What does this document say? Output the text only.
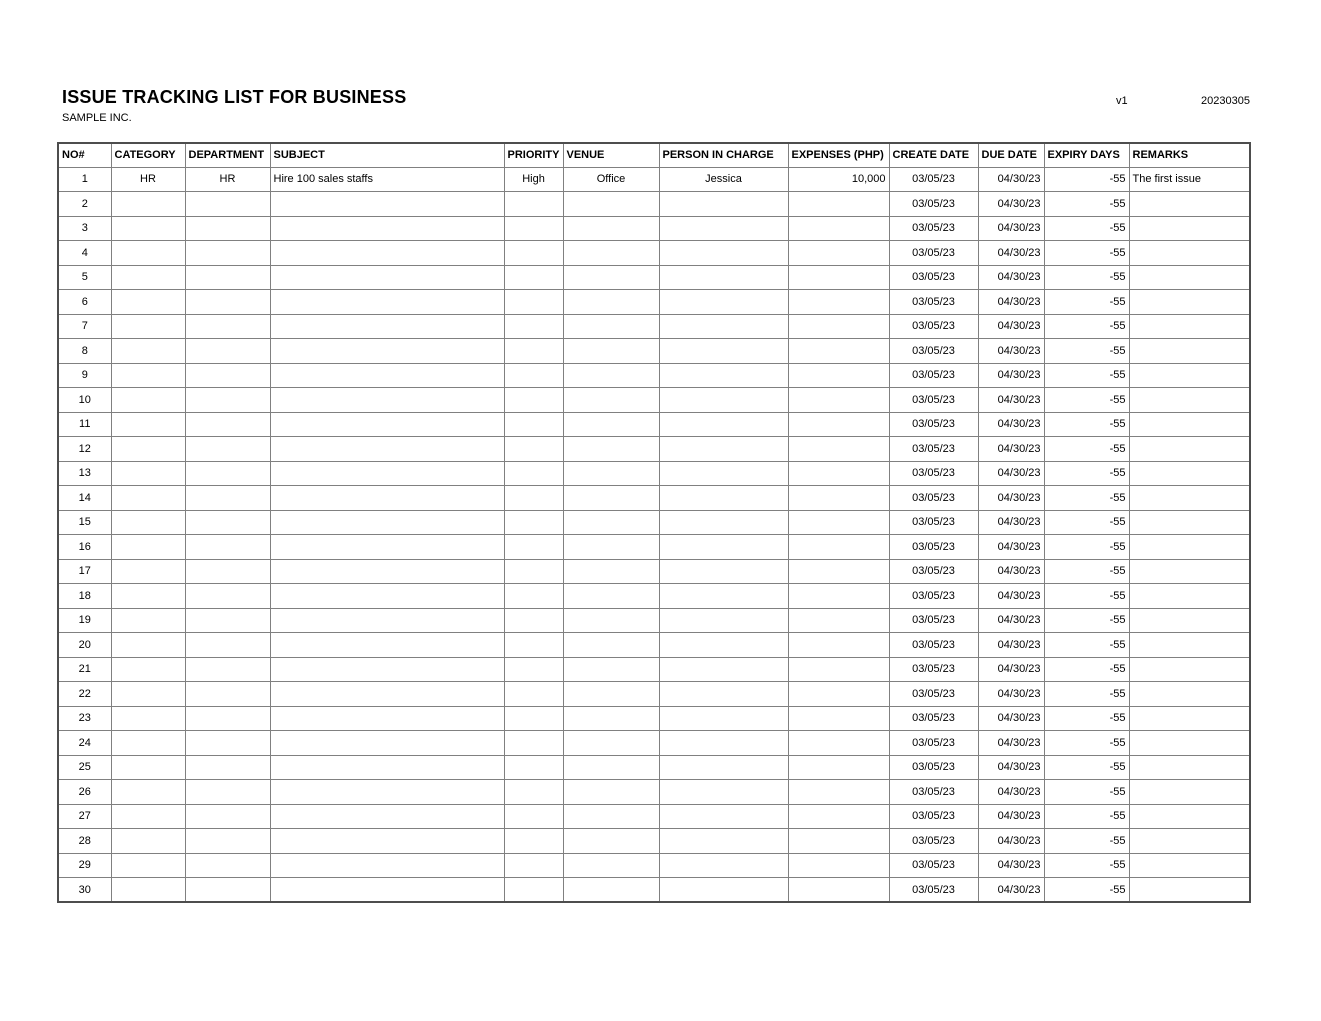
ISSUE TRACKING LIST FOR BUSINESS
SAMPLE INC.
v1	20230305
NO#	CATEGORY	DEPARTMENT	SUBJECT	PRIORITY	VENUE	PERSON IN CHARGE	EXPENSES (PHP)	CREATE DATE	DUE DATE	EXPIRY DAYS	REMARKS
1	HR	HR	Hire 100 sales staffs	High	Office	Jessica	10,000	03/05/23	04/30/23	-55	The first issue
2								03/05/23	04/30/23	-55	
3								03/05/23	04/30/23	-55	
4								03/05/23	04/30/23	-55	
5								03/05/23	04/30/23	-55	
6								03/05/23	04/30/23	-55	
7								03/05/23	04/30/23	-55	
8								03/05/23	04/30/23	-55	
9								03/05/23	04/30/23	-55	
10								03/05/23	04/30/23	-55	
11								03/05/23	04/30/23	-55	
12								03/05/23	04/30/23	-55	
13								03/05/23	04/30/23	-55	
14								03/05/23	04/30/23	-55	
15								03/05/23	04/30/23	-55	
16								03/05/23	04/30/23	-55	
17								03/05/23	04/30/23	-55	
18								03/05/23	04/30/23	-55	
19								03/05/23	04/30/23	-55	
20								03/05/23	04/30/23	-55	
21								03/05/23	04/30/23	-55	
22								03/05/23	04/30/23	-55	
23								03/05/23	04/30/23	-55	
24								03/05/23	04/30/23	-55	
25								03/05/23	04/30/23	-55	
26								03/05/23	04/30/23	-55	
27								03/05/23	04/30/23	-55	
28								03/05/23	04/30/23	-55	
29								03/05/23	04/30/23	-55	
30								03/05/23	04/30/23	-55	
